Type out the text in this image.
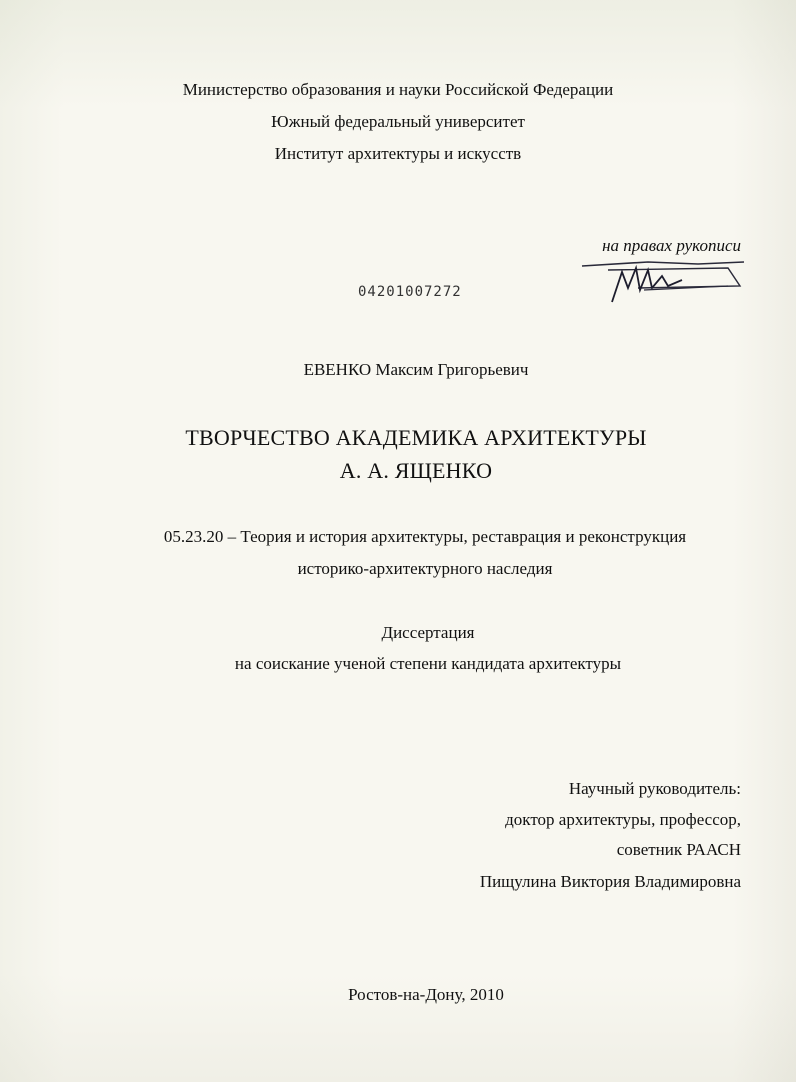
Министерство образования и науки Российской Федерации
Южный федеральный университет
Институт архитектуры и искусств
на правах рукописи
04201007272
ЕВЕНКО Максим Григорьевич
ТВОРЧЕСТВО АКАДЕМИКА АРХИТЕКТУРЫ
А. А. ЯЩЕНКО
05.23.20 – Теория и история архитектуры, реставрация и реконструкция
историко-архитектурного наследия
Диссертация
на соискание ученой степени кандидата архитектуры
Научный руководитель:
доктор архитектуры, профессор,
советник РААСН
Пищулина Виктория Владимировна
Ростов-на-Дону, 2010
